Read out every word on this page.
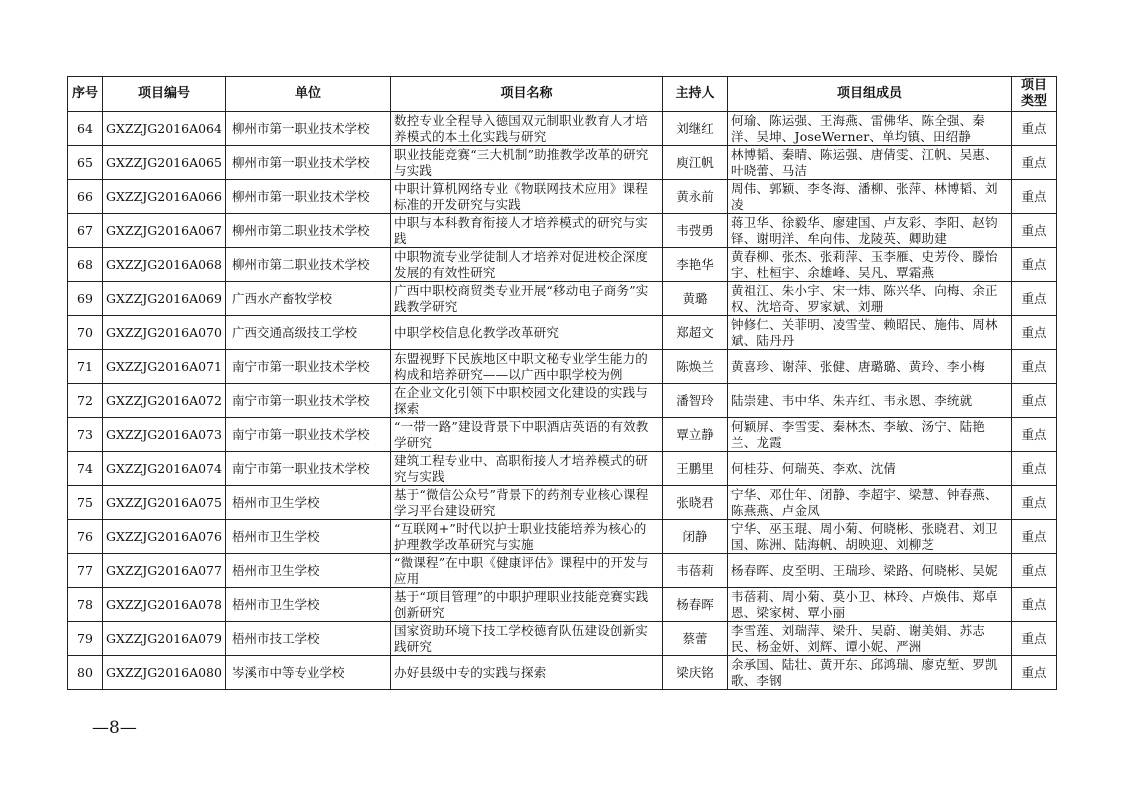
序号	项目编号	单位	项目名称	主持人	项目组成员	项目类型
64	GXZZJG2016A064	柳州市第一职业技术学校	数控专业全程导入德国双元制职业教育人才培养模式的本土化实践与研究	刘继红	何瑜、陈运强、王海燕、雷佛华、陈全强、秦洋、吴坤、JoseWerner、单均镇、田绍静	重点
65	GXZZJG2016A065	柳州市第一职业技术学校	职业技能竞赛“三大机制”助推教学改革的研究与实践	庾江帆	林博韬、秦晴、陈运强、唐倩雯、江帆、吴惠、叶晓蕾、马洁	重点
66	GXZZJG2016A066	柳州市第一职业技术学校	中职计算机网络专业《物联网技术应用》课程标准的开发研究与实践	黄永前	周伟、郭颖、李冬海、潘柳、张萍、林博韬、刘凌	重点
67	GXZZJG2016A067	柳州市第二职业技术学校	中职与本科教育衔接人才培养模式的研究与实践	韦弢勇	蒋卫华、徐毅华、廖建国、卢友彩、李阳、赵钧铎、谢明洋、牟向伟、龙陵英、卿助建	重点
68	GXZZJG2016A068	柳州市第二职业技术学校	中职物流专业学徒制人才培养对促进校企深度发展的有效性研究	李艳华	黄春柳、张杰、张莉萍、玉李雁、史芳伶、滕怡宇、杜桓宇、余雄峰、吴凡、覃霜燕	重点
69	GXZZJG2016A069	广西水产畜牧学校	广西中职校商贸类专业开展“移动电子商务”实践教学研究	黄璐	黄祖江、朱小宇、宋一炜、陈兴华、向梅、余正权、沈培奇、罗家斌、刘珊	重点
70	GXZZJG2016A070	广西交通高级技工学校	中职学校信息化教学改革研究	郑超文	钟修仁、关菲明、凌雪莹、赖昭民、施伟、周林斌、陆丹丹	重点
71	GXZZJG2016A071	南宁市第一职业技术学校	东盟视野下民族地区中职文秘专业学生能力的构成和培养研究——以广西中职学校为例	陈焕兰	黄喜珍、谢萍、张健、唐璐璐、黄玲、李小梅	重点
72	GXZZJG2016A072	南宁市第一职业技术学校	在企业文化引领下中职校园文化建设的实践与探索	潘智玲	陆崇建、韦中华、朱卉红、韦永恩、李统就	重点
73	GXZZJG2016A073	南宁市第一职业技术学校	“一带一路”建设背景下中职酒店英语的有效教学研究	覃立静	何颖屏、李雪雯、秦林杰、李敏、汤宁、陆艳兰、龙霞	重点
74	GXZZJG2016A074	南宁市第一职业技术学校	建筑工程专业中、高职衔接人才培养模式的研究与实践	王鹏里	何桂芬、何瑞英、李欢、沈倩	重点
75	GXZZJG2016A075	梧州市卫生学校	基于“微信公众号”背景下的药剂专业核心课程学习平台建设研究	张晓君	宁华、邓仕年、闭静、李超宇、梁慧、钟春燕、陈燕燕、卢金凤	重点
76	GXZZJG2016A076	梧州市卫生学校	“互联网+”时代以护士职业技能培养为核心的护理教学改革研究与实施	闭静	宁华、巫玉琨、周小菊、何晓彬、张晓君、刘卫国、陈洲、陆海帆、胡映迎、刘柳芝	重点
77	GXZZJG2016A077	梧州市卫生学校	“微课程”在中职《健康评估》课程中的开发与应用	韦蓓莉	杨春晖、皮至明、王瑞珍、梁路、何晓彬、吴妮	重点
78	GXZZJG2016A078	梧州市卫生学校	基于“项目管理”的中职护理职业技能竞赛实践创新研究	杨春晖	韦蓓莉、周小菊、莫小卫、林玲、卢焕伟、郑卓恩、梁家树、覃小丽	重点
79	GXZZJG2016A079	梧州市技工学校	国家资助环境下技工学校德育队伍建设创新实践研究	蔡蕾	李雪莲、刘瑞萍、梁升、吴蔚、谢美娟、苏志民、杨金妍、刘辉、谭小妮、严洲	重点
80	GXZZJG2016A080	岑溪市中等专业学校	办好县级中专的实践与探索	梁庆铭	余承国、陆壮、黄开东、邱鸿瑞、廖克堑、罗凯歌、李钢	重点
—8—
